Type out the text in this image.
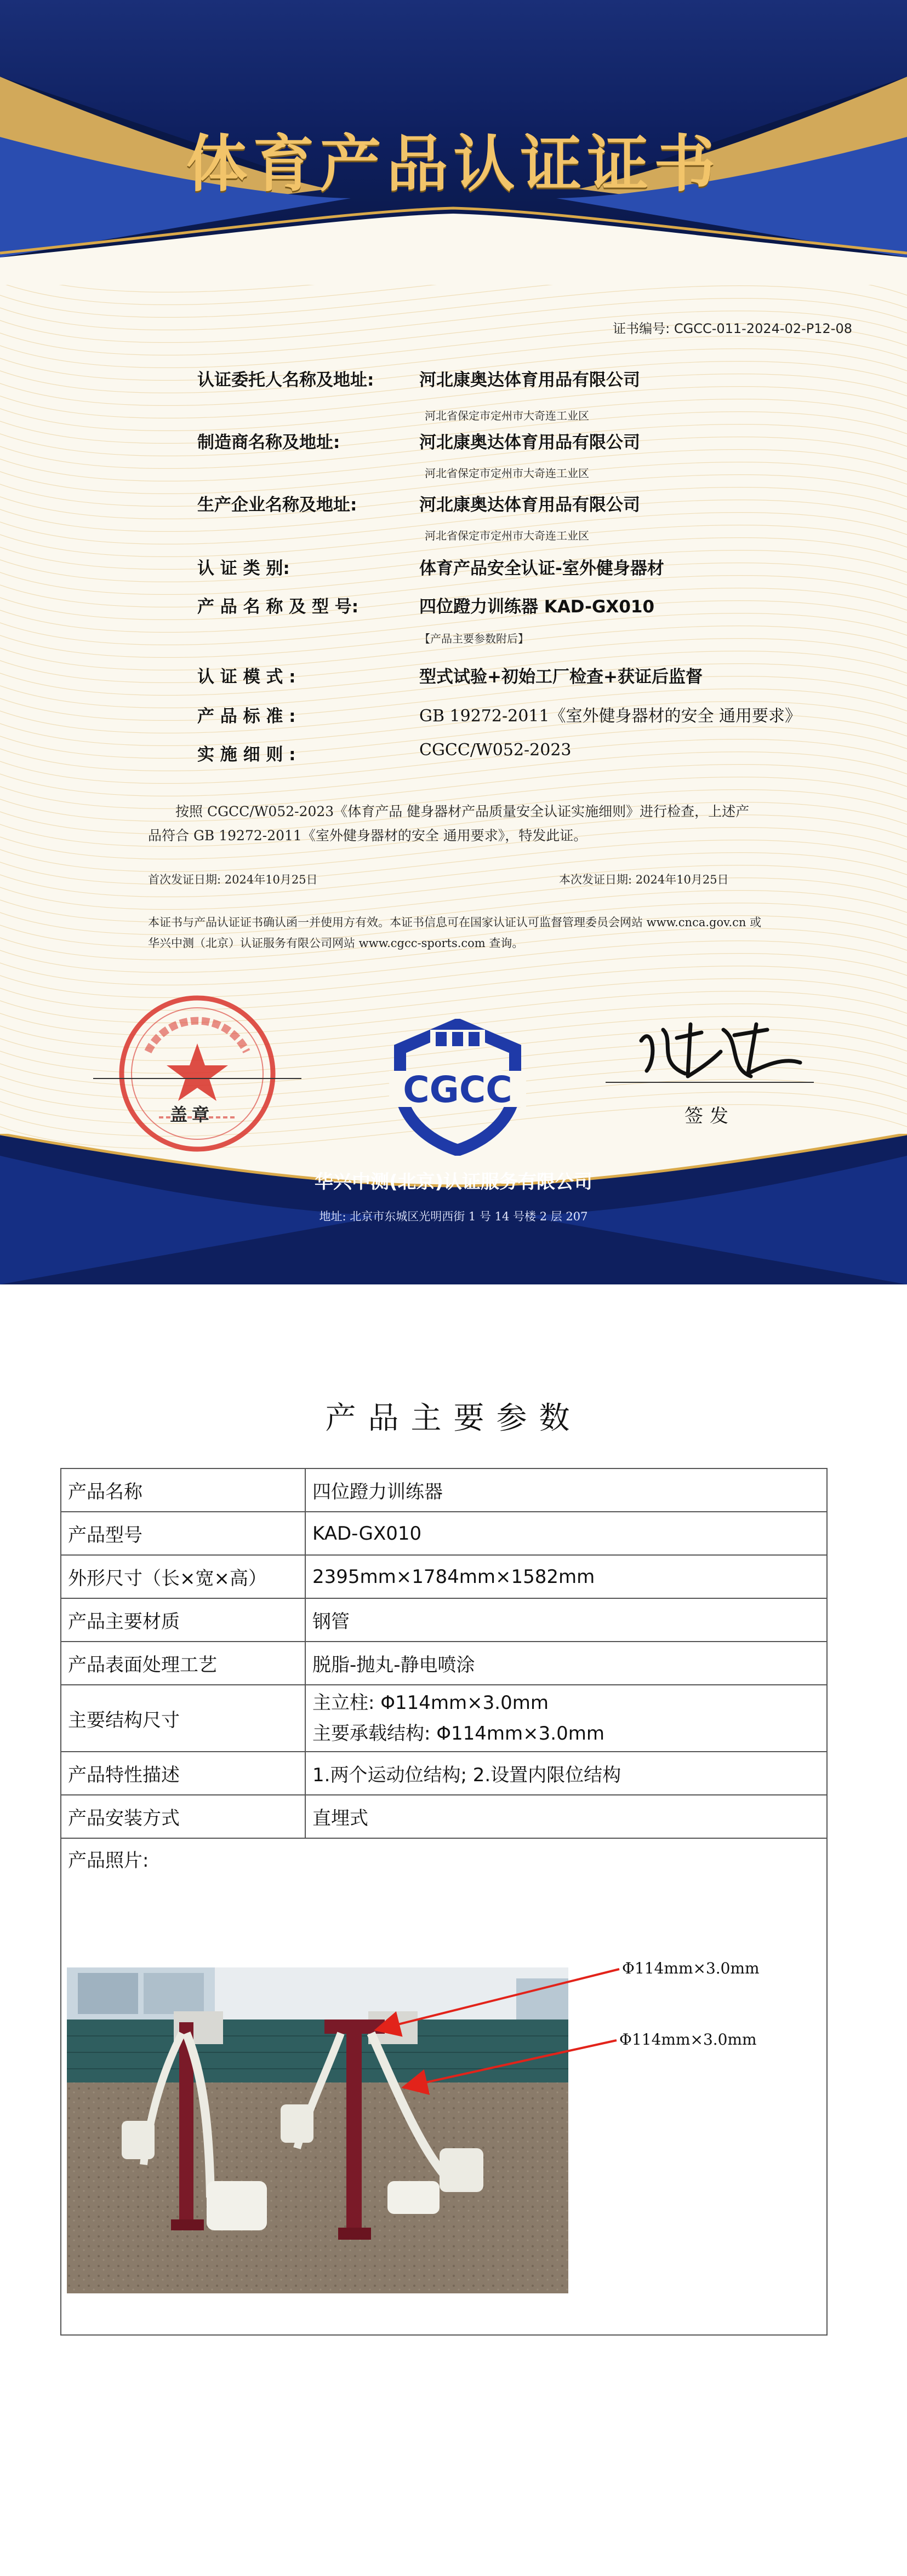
体育产品认证证书
证书编号: CGCC-011-2024-02-P12-08
认证委托人名称及地址:	河北康奥达体育用品有限公司
河北省保定市定州市大奇连工业区
制造商名称及地址:	河北康奥达体育用品有限公司
河北省保定市定州市大奇连工业区
生产企业名称及地址:	河北康奥达体育用品有限公司
河北省保定市定州市大奇连工业区
认 证 类 别:	体育产品安全认证-室外健身器材
产 品 名 称 及 型 号:	四位蹬力训练器 KAD-GX010
【产品主要参数附后】
认 证 模 式 :	型式试验+初始工厂检查+获证后监督
产 品 标 准 :	GB 19272-2011《室外健身器材的安全 通用要求》
实 施 细 则 :	CGCC/W052-2023
按照 CGCC/W052-2023《体育产品 健身器材产品质量安全认证实施细则》进行检查，上述产品符合 GB 19272-2011《室外健身器材的安全 通用要求》，特发此证。
首次发证日期: 2024年10月25日	本次发证日期: 2024年10月25日
本证书与产品认证证书确认函一并使用方有效。本证书信息可在国家认证认可监督管理委员会网站 www.cnca.gov.cn 或华兴中测（北京）认证服务有限公司网站 www.cgcc-sports.com 查询。
盖章
CGCC
签发
华兴中测(北京)认证服务有限公司
地址: 北京市东城区光明西街 1 号 14 号楼 2 层 207
产品主要参数
产品名称	四位蹬力训练器
产品型号	KAD-GX010
外形尺寸（长×宽×高）	2395mm×1784mm×1582mm
产品主要材质	钢管
产品表面处理工艺	脱脂-抛丸-静电喷涂
主要结构尺寸	主立柱: Φ114mm×3.0mm
主要承载结构: Φ114mm×3.0mm

产品特性描述	1.两个运动位结构; 2.设置内限位结构
产品安装方式	直埋式

产品照片:	
Φ114mm×3.0mm
Φ114mm×3.0mm
